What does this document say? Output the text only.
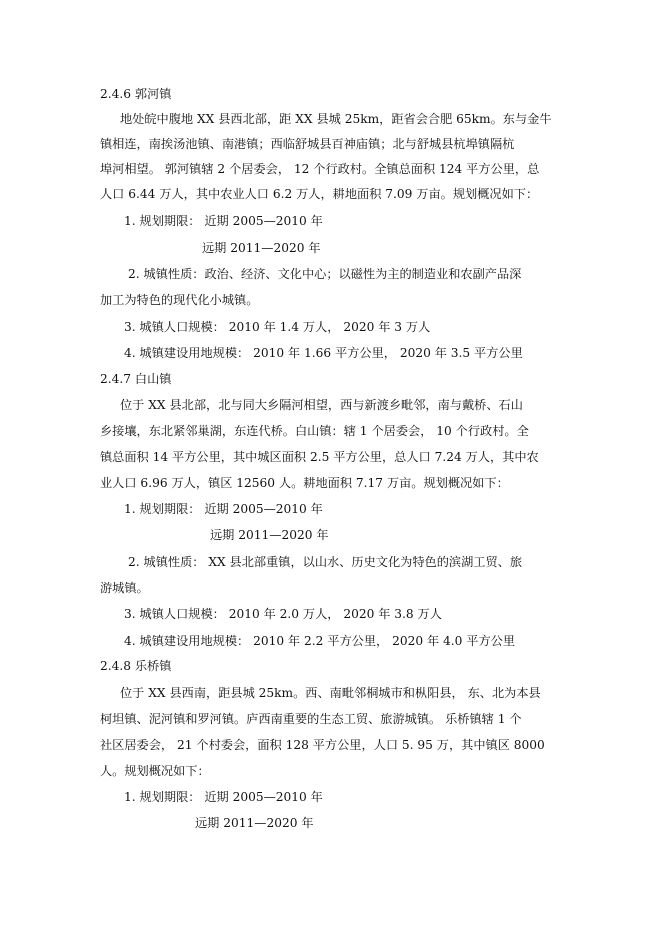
2.4.6 郭河镇
地处皖中腹地 XX 县西北部，距 XX 县城 25km，距省会合肥 65km。东与金牛
镇相连，南挨汤池镇、南港镇；西临舒城县百神庙镇；北与舒城县杭埠镇隔杭
埠河相望。 郭河镇辖 2 个居委会， 12 个行政村。全镇总面积 124 平方公里，总
人口 6.44 万人，其中农业人口 6.2 万人，耕地面积 7.09 万亩。规划概况如下：
1. 规划期限： 近期 2005—2010 年
远期 2011—2020 年
2. 城镇性质：政治、经济、文化中心；以磁性为主的制造业和农副产品深
加工为特色的现代化小城镇。
3. 城镇人口规模： 2010 年 1.4 万人， 2020 年 3 万人
4. 城镇建设用地规模： 2010 年 1.66 平方公里， 2020 年 3.5 平方公里
2.4.7 白山镇
位于 XX 县北部，北与同大乡隔河相望，西与新渡乡毗邻，南与戴桥、石山
乡接壤，东北紧邻巢湖，东连代桥。白山镇：辖 1 个居委会， 10 个行政村。全
镇总面积 14 平方公里，其中城区面积 2.5 平方公里，总人口 7.24 万人，其中农
业人口 6.96 万人，镇区 12560 人。耕地面积 7.17 万亩。规划概况如下：
1. 规划期限： 近期 2005—2010 年
远期 2011—2020 年
2. 城镇性质： XX 县北部重镇，以山水、历史文化为特色的滨湖工贸、旅
游城镇。
3. 城镇人口规模： 2010 年 2.0 万人， 2020 年 3.8 万人
4. 城镇建设用地规模： 2010 年 2.2 平方公里， 2020 年 4.0 平方公里
2.4.8 乐桥镇
位于 XX 县西南，距县城 25km。西、南毗邻桐城市和枞阳县， 东、北为本县
柯坦镇、泥河镇和罗河镇。庐西南重要的生态工贸、旅游城镇。 乐桥镇辖 1 个
社区居委会， 21 个村委会，面积 128 平方公里，人口 5. 95 万，其中镇区 8000
人。规划概况如下：
1. 规划期限： 近期 2005—2010 年
远期 2011—2020 年
